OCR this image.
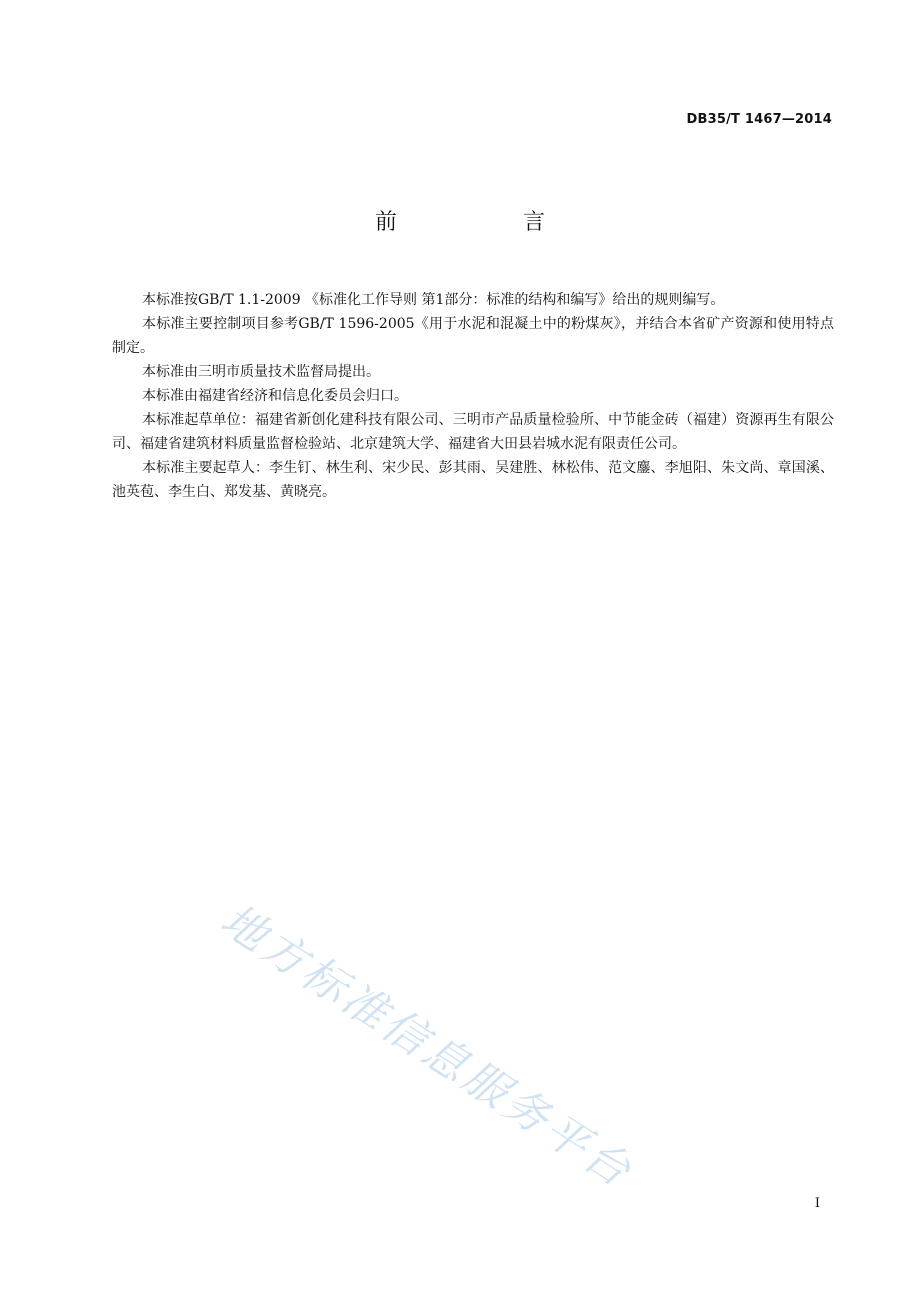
DB35/T 1467—2014
前　言

本标准按GB/T 1.1-2009 《标准化工作导则 第1部分：标准的结构和编写》给出的规则编写。

本标准主要控制项目参考GB/T 1596-2005《用于水泥和混凝土中的粉煤灰》，并结合本省矿产资源和使用特点制定。

本标准由三明市质量技术监督局提出。

本标准由福建省经济和信息化委员会归口。

本标准起草单位：福建省新创化建科技有限公司、三明市产品质量检验所、中节能金砖（福建）资源再生有限公司、福建省建筑材料质量监督检验站、北京建筑大学、福建省大田县岩城水泥有限责任公司。

本标准主要起草人：李生钉、林生利、宋少民、彭其雨、吴建胜、林松伟、范文鏖、李旭阳、朱文尚、章国溪、池英苞、李生白、郑发基、黄晓亮。

地方标准信息服务平台
I
